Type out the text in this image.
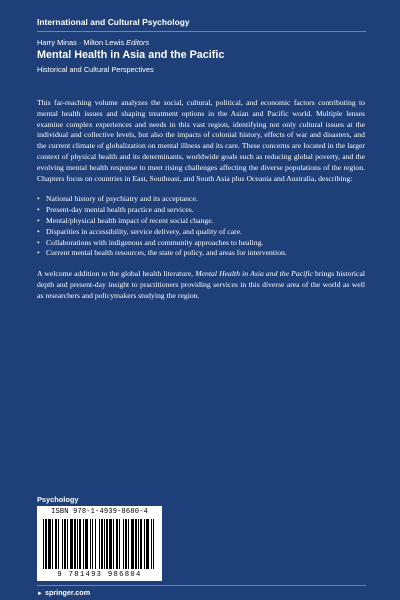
International and Cultural Psychology
Harry Minas · Milton Lewis Editors
Mental Health in Asia and the Pacific
Historical and Cultural Perspectives

This far-reaching volume analyzes the social, cultural, political, and economic factors contributing to mental health issues and shaping treatment options in the Asian and Pacific world. Multiple lenses examine complex experiences and needs in this vast region, identifying not only cultural issues at the individual and collective levels, but also the impacts of colonial history, effects of war and disasters, and the current climate of globalization on mental illness and its care. These concerns are located in the larger context of physical health and its determinants, worldwide goals such as reducing global poverty, and the evolving mental health response to meet rising challenges affecting the diverse populations of the region. Chapters focus on countries in East, Southeast, and South Asia plus Oceania and Australia, describing:

• National history of psychiatry and its acceptance.
• Present-day mental health practice and services.
• Mental/physical health impact of recent social change.
• Disparities in accessibility, service delivery, and quality of care.
• Collaborations with indigenous and community approaches to healing.
• Current mental health resources, the state of policy, and areas for intervention.

A welcome addition to the global health literature, Mental Health in Asia and the Pacific brings historical depth and present-day insight to practitioners providing services in this diverse area of the world as well as researchers and policymakers studying the region.

Psychology
ISBN 978-1-4939-8680-4
9 781493 986804
► springer.com
